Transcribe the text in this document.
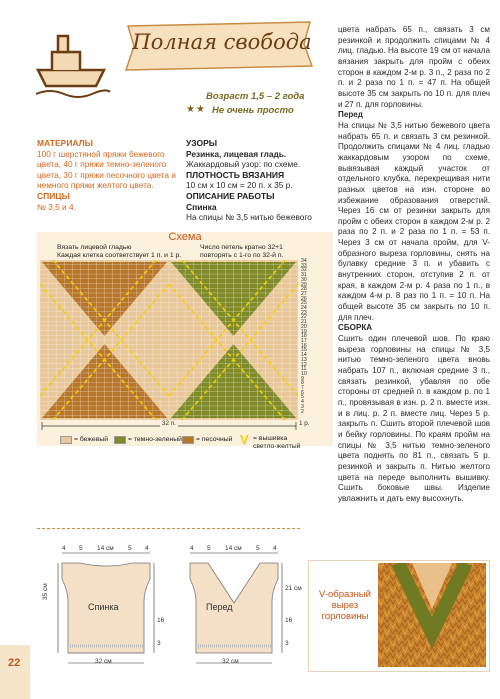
22
Полная свобода
Возраст 1,5 – 2 года
★★ Не очень просто
МАТЕРИАЛЫ
100 г шерстяной пряжи бежевого цвета, 40 г пряжи темно-зеленого цвета, 30 г пряжи песочного цвета и немного пряжи желтого цвета.
СПИЦЫ
№ 3,5 и 4.
УЗОРЫ
Резинка, лицевая гладь.
Жаккардовый узор: по схеме.
ПЛОТНОСТЬ ВЯЗАНИЯ
10 см х 10 см = 20 п. х 35 р.
ОПИСАНИЕ РАБОТЫ
Спинка
На спицы № 3,5 нитью бежевого

цвета набрать 65 п., связать 3 см резинкой и продолжить спицами № 4 лиц. гладью. На высоте 19 см от начала вязания закрыть для пройм с обеих сторон в каждом 2-м р. 3 п., 2 раза по 2 п. и 2 раза по 1 п. = 47 п. На общей высоте 35 см закрыть по 10 п. для плеч и 27 п. для горловины.

Перед

На спицы № 3,5 нитью бежевого цвета набрать 65 п. и связать 3 см резинкой. Продолжить спицами № 4 лиц. гладью жаккардовым узором по схеме, вывязывая каждый участок от отдельного клубка, перекрещивая нити разных цветов на изн. стороне во избежание образования отверстий. Через 16 см от резинки закрыть для пройм с обеих сторон в каждом 2-м р. 2 раза по 2 п. и 2 раза по 1 п. = 53 п. Через 3 см от начала пройм, для V-образного выреза горловины, снять на булавку средние 3 п. и убавить с внутренних сторон, отступив 2 п. от края, в каждом 2-м р. 4 раза по 1 п., в каждом 4-м р. 8 раз по 1 п. = 10 п. На общей высоте 35 см закрыть по 10 п. для плеч.

СБОРКА

Сшить один плечевой шов. По краю выреза горловины на спицы № 3,5 нитью темно-зеленого цвета вновь набрать 107 п., включая средние 3 п., связать резинкой, убавляя по обе стороны от средней п. в каждом р. по 1 п., провязывая в изн. р. 2 п. вместе изн. и в лиц. р. 2 п. вместе лиц. Через 5 р. закрыть п. Сшить второй плечевой шов и бейку горловины. По краям пройм на спицы № 3,5 нитью темно-зеленого цвета поднять по 81 п., связать 5 р. резинкой и закрыть п. Нитью желтого цвета на переде выполнить вышивку. Сшить боковые швы. Изделие увлажнить и дать ему высохнуть.

Схема
Вязать лицевой гладью
Каждая клетка соответствует 1 п. и 1 р.
Число петель кратно 32+1
повторять с 1-го по 32-й п.
34
33
32
31
30
29
28
27
26
25
24
23
22
21
20
19
18
17
16
15
14
13
12
11
10
9
8
7
6
5
4
3
2
1 р.
32 п.
= бежевый	= темно-зеленый = песочный V = вышивка светло-желтый
Спинка
4 5 14 см 5 4
35 см
16
3
32 см
Перед
4 5 14 см 5 4
21 см
16
3
32 см
V-образный вырез горловины
